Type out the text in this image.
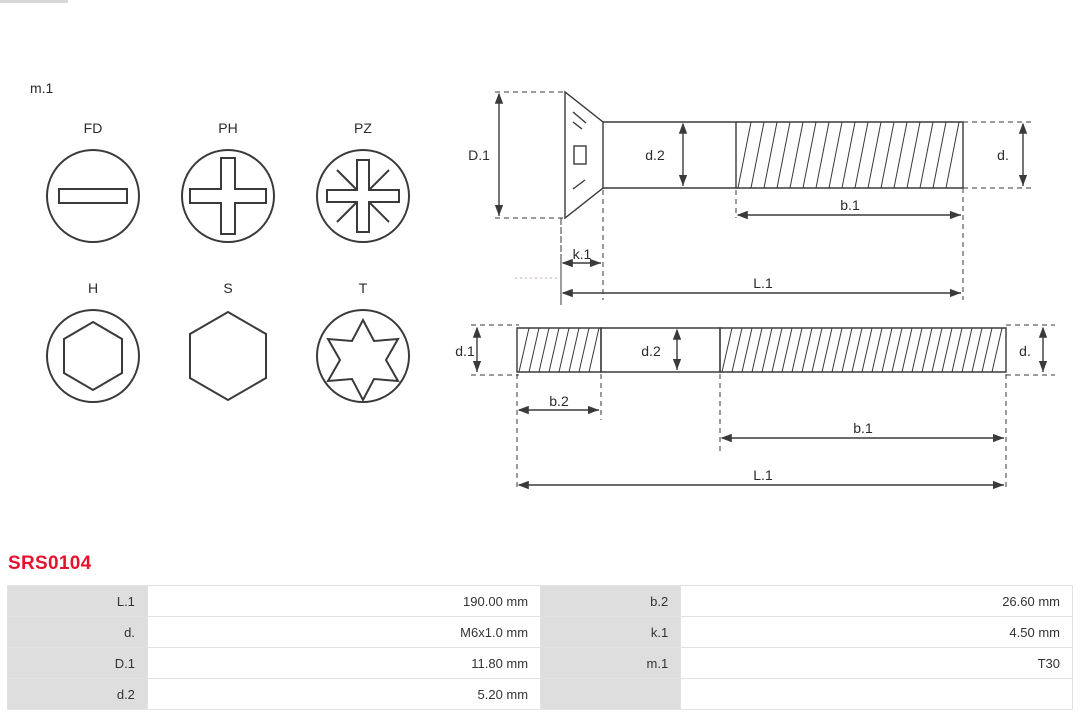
m.1
FD	PH	PZ
H	S	T
D.1	d.2	d.
b.1
k.1
L.1
d.1	d.2	d.
b.2
b.1
L.1
SRS0104
L.1	190.00 mm	b.2	26.60 mm
d.	M6x1.0 mm	k.1	4.50 mm
D.1	11.80 mm	m.1	T30
d.2	5.20 mm		
